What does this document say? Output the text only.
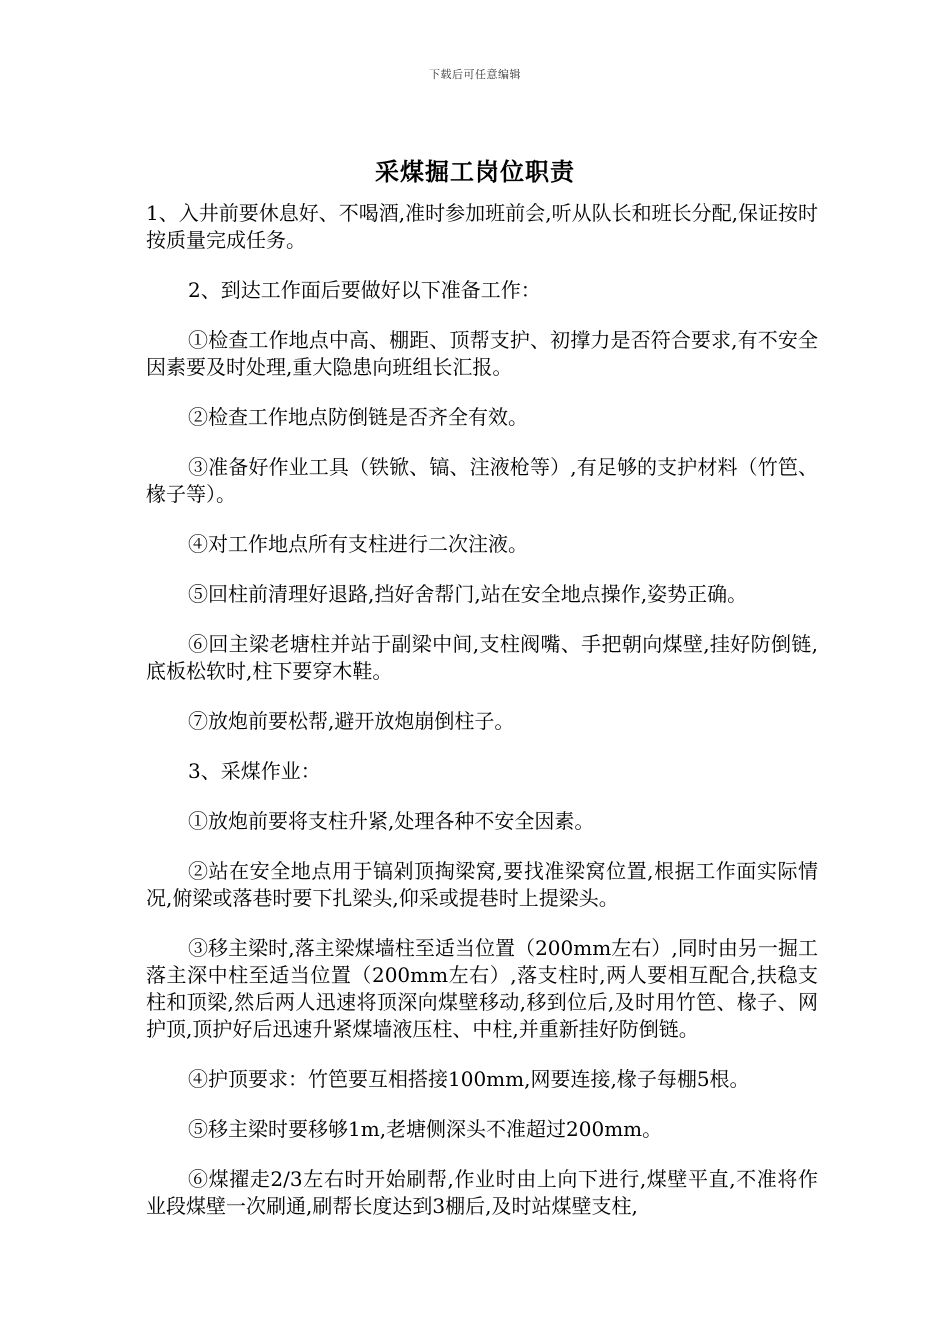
下载后可任意编辑
采煤掘工岗位职责

1、入井前要休息好、不喝酒,准时参加班前会,听从队长和班长分配,保证按时按质量完成任务。

2、到达工作面后要做好以下准备工作：

①检查工作地点中高、棚距、顶帮支护、初撑力是否符合要求,有不安全因素要及时处理,重大隐患向班组长汇报。

②检查工作地点防倒链是否齐全有效。

③准备好作业工具（铁锨、镐、注液枪等）,有足够的支护材料（竹笆、椽子等）。

④对工作地点所有支柱进行二次注液。

⑤回柱前清理好退路,挡好舍帮门,站在安全地点操作,姿势正确。

⑥回主梁老塘柱并站于副梁中间,支柱阀嘴、手把朝向煤壁,挂好防倒链,底板松软时,柱下要穿木鞋。

⑦放炮前要松帮,避开放炮崩倒柱子。

3、采煤作业：

①放炮前要将支柱升紧,处理各种不安全因素。

②站在安全地点用于镐剁顶掏梁窝,要找准梁窝位置,根据工作面实际情况,俯梁或落巷时要下扎梁头,仰采或提巷时上提梁头。

③移主梁时,落主梁煤墙柱至适当位置（200mm左右）,同时由另一掘工落主深中柱至适当位置（200mm左右）,落支柱时,两人要相互配合,扶稳支柱和顶梁,然后两人迅速将顶深向煤壁移动,移到位后,及时用竹笆、椽子、网护顶,顶护好后迅速升紧煤墙液压柱、中柱,并重新挂好防倒链。

④护顶要求：竹笆要互相搭接100mm,网要连接,椽子每棚5根。

⑤移主梁时要移够1m,老塘侧深头不准超过200mm。

⑥煤擢走2/3左右时开始刷帮,作业时由上向下进行,煤壁平直,不准将作业段煤壁一次刷通,刷帮长度达到3棚后,及时站煤壁支柱,
